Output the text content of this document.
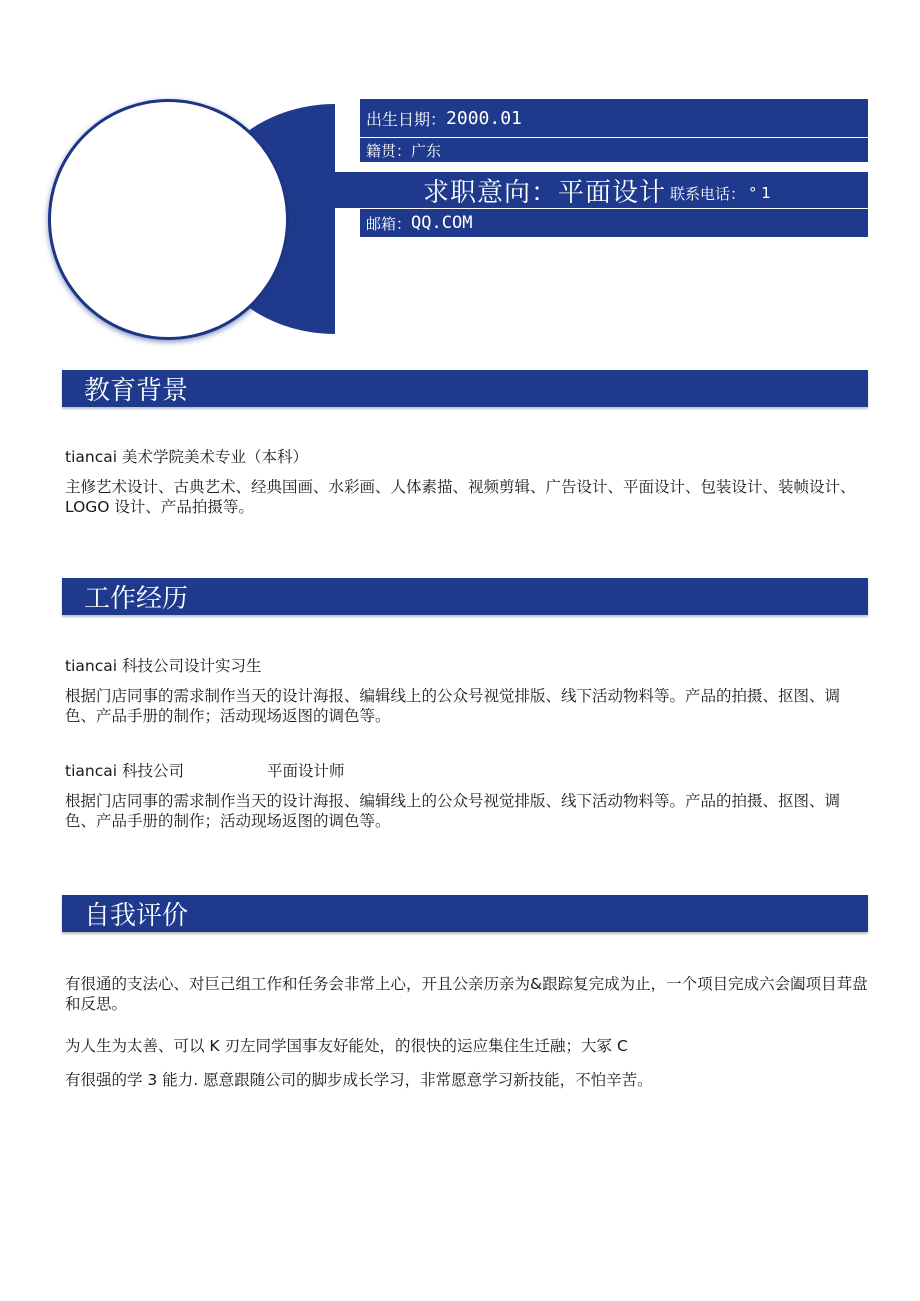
出生日期： 2000.01
籍贯： 广东
求职意向：平面设计 联系电话： ° 1
邮箱： QQ.COM
教育背景
tiancai 美术学院美术专业（本科）
主修艺术设计、古典艺术、经典国画、水彩画、人体素描、视频剪辑、广告设计、平面设计、包装设计、装帧设计、LOGO 设计、产品拍摄等。
工作经历
tiancai 科技公司设计实习生
根据门店同事的需求制作当天的设计海报、编辑线上的公众号视觉排版、线下活动物料等。产品的拍摄、抠图、调色、产品手册的制作；活动现场返图的调色等。
tiancai 科技公司	平面设计师
根据门店同事的需求制作当天的设计海报、编辑线上的公众号视觉排版、线下活动物料等。产品的拍摄、抠图、调色、产品手册的制作；活动现场返图的调色等。
自我评价
有很通的支法心、对巨己组工作和任务会非常上心，开且公亲历亲为&跟踪复完成为止，一个项目完成六会阖项目茸盘和反思。
为人生为太善、可以 K 刃左同学国事友好能处，的很快的运应集住生迁融；大冢 C
有很强的学 3 能力. 愿意跟随公司的脚步成长学习，非常愿意学习新技能，不怕辛苦。
